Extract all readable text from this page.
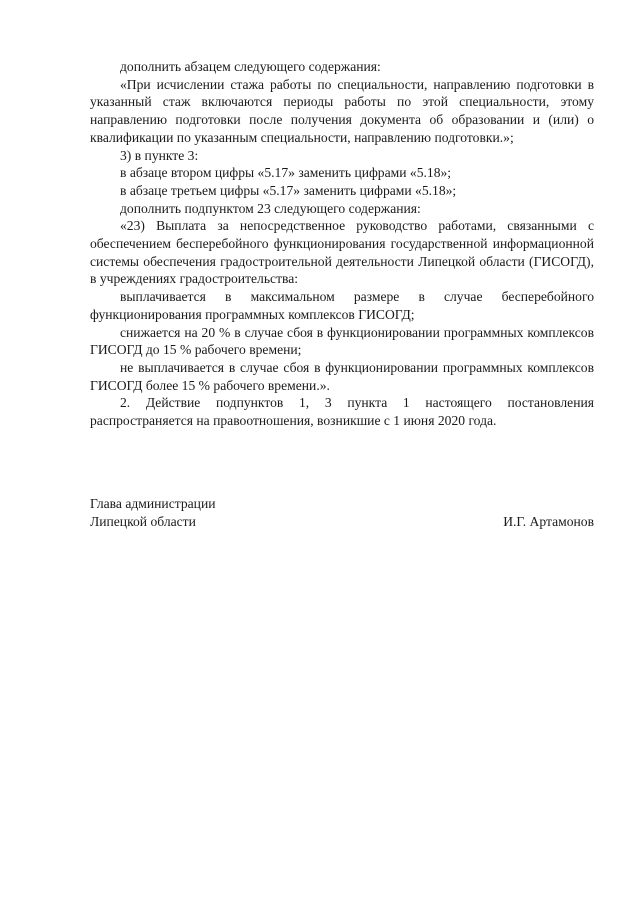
дополнить абзацем следующего содержания:

«При исчислении стажа работы по специальности, направлению подготовки в указанный стаж включаются периоды работы по этой специальности, этому направлению подготовки после получения документа об образовании и (или) о квалификации по указанным специальности, направлению подготовки.»;

3) в пункте 3:

в абзаце втором цифры «5.17» заменить цифрами «5.18»;

в абзаце третьем цифры «5.17» заменить цифрами «5.18»;

дополнить подпунктом 23 следующего содержания:

«23) Выплата за непосредственное руководство работами, связанными с обеспечением бесперебойного функционирования государственной информационной системы обеспечения градостроительной деятельности Липецкой области (ГИСОГД), в учреждениях градостроительства:

выплачивается в максимальном размере в случае бесперебойного функционирования программных комплексов ГИСОГД;

снижается на 20 % в случае сбоя в функционировании программных комплексов ГИСОГД до 15 % рабочего времени;

не выплачивается в случае сбоя в функционировании программных комплексов ГИСОГД более 15 % рабочего времени.».

2. Действие подпунктов 1, 3 пункта 1 настоящего постановления распространяется на правоотношения, возникшие с 1 июня 2020 года.

Глава администрации
Липецкой области	И.Г. Артамонов
